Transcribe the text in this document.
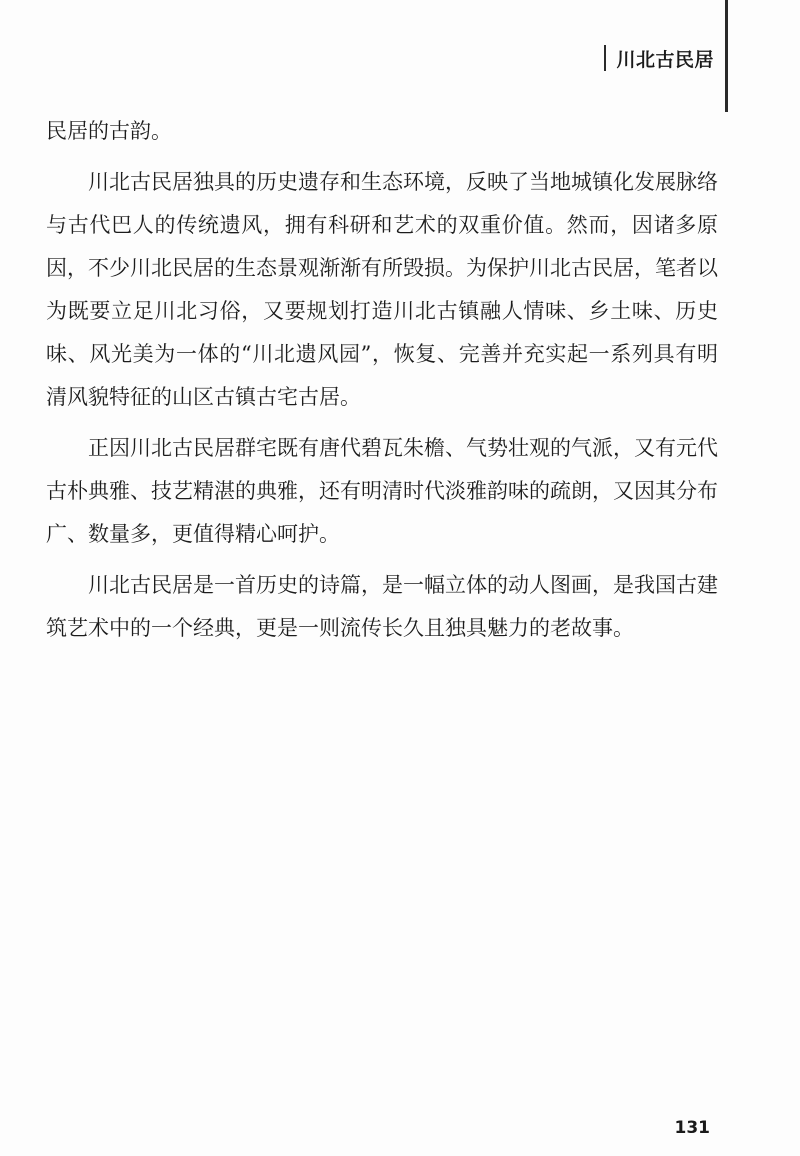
川北古民居

民居的古韵。

川北古民居独具的历史遗存和生态环境，反映了当地城镇化发展脉络与古代巴人的传统遗风，拥有科研和艺术的双重价值。然而，因诸多原因，不少川北民居的生态景观渐渐有所毁损。为保护川北古民居，笔者以为既要立足川北习俗，又要规划打造川北古镇融人情味、乡土味、历史味、风光美为一体的“川北遗风园”，恢复、完善并充实起一系列具有明清风貌特征的山区古镇古宅古居。

正因川北古民居群宅既有唐代碧瓦朱檐、气势壮观的气派，又有元代古朴典雅、技艺精湛的典雅，还有明清时代淡雅韵味的疏朗，又因其分布广、数量多，更值得精心呵护。

川北古民居是一首历史的诗篇，是一幅立体的动人图画，是我国古建筑艺术中的一个经典，更是一则流传长久且独具魅力的老故事。

131
